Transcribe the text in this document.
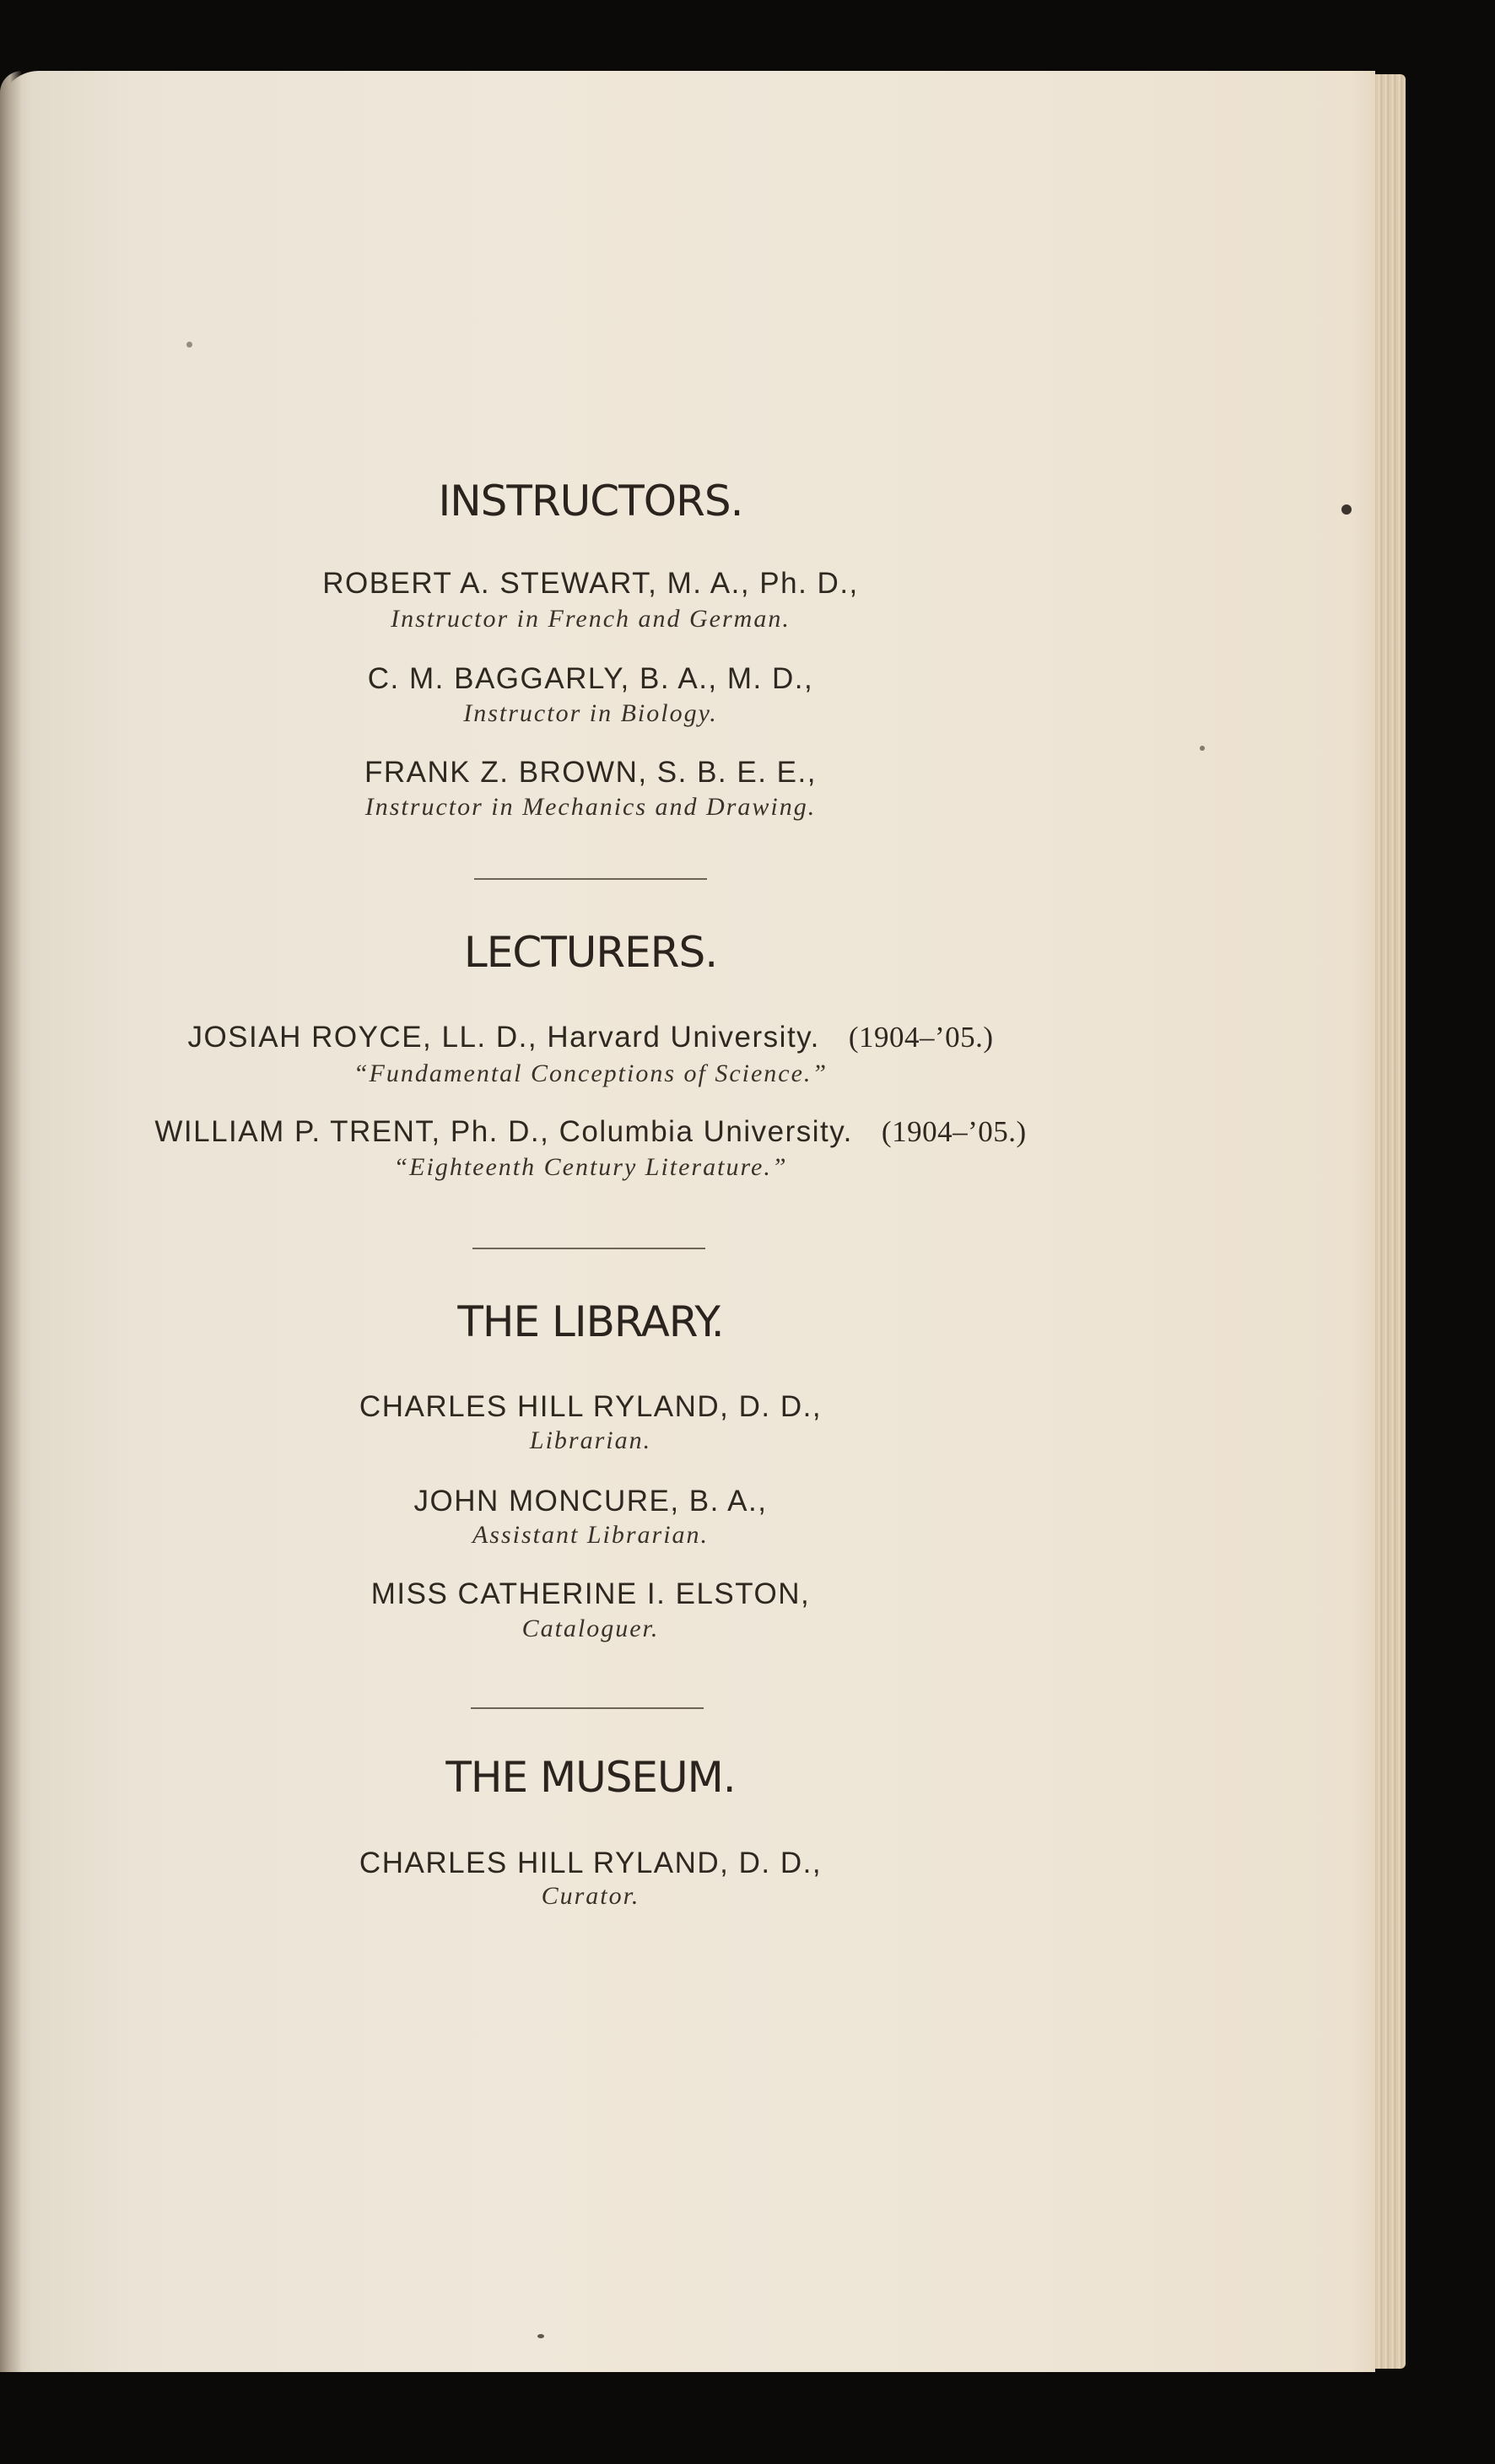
INSTRUCTORS.
ROBERT A. STEWART, M. A., Ph. D.,
Instructor in French and German.
C. M. BAGGARLY, B. A., M. D.,
Instructor in Biology.
FRANK Z. BROWN, S. B. E. E.,
Instructor in Mechanics and Drawing.
LECTURERS.
JOSIAH ROYCE, LL. D., Harvard University. (1904–’05.)
“Fundamental Conceptions of Science.”
WILLIAM P. TRENT, Ph. D., Columbia University. (1904–’05.)
“Eighteenth Century Literature.”
THE LIBRARY.
CHARLES HILL RYLAND, D. D.,
Librarian.
JOHN MONCURE, B. A.,
Assistant Librarian.
MISS CATHERINE I. ELSTON,
Cataloguer.
THE MUSEUM.
CHARLES HILL RYLAND, D. D.,
Curator.
